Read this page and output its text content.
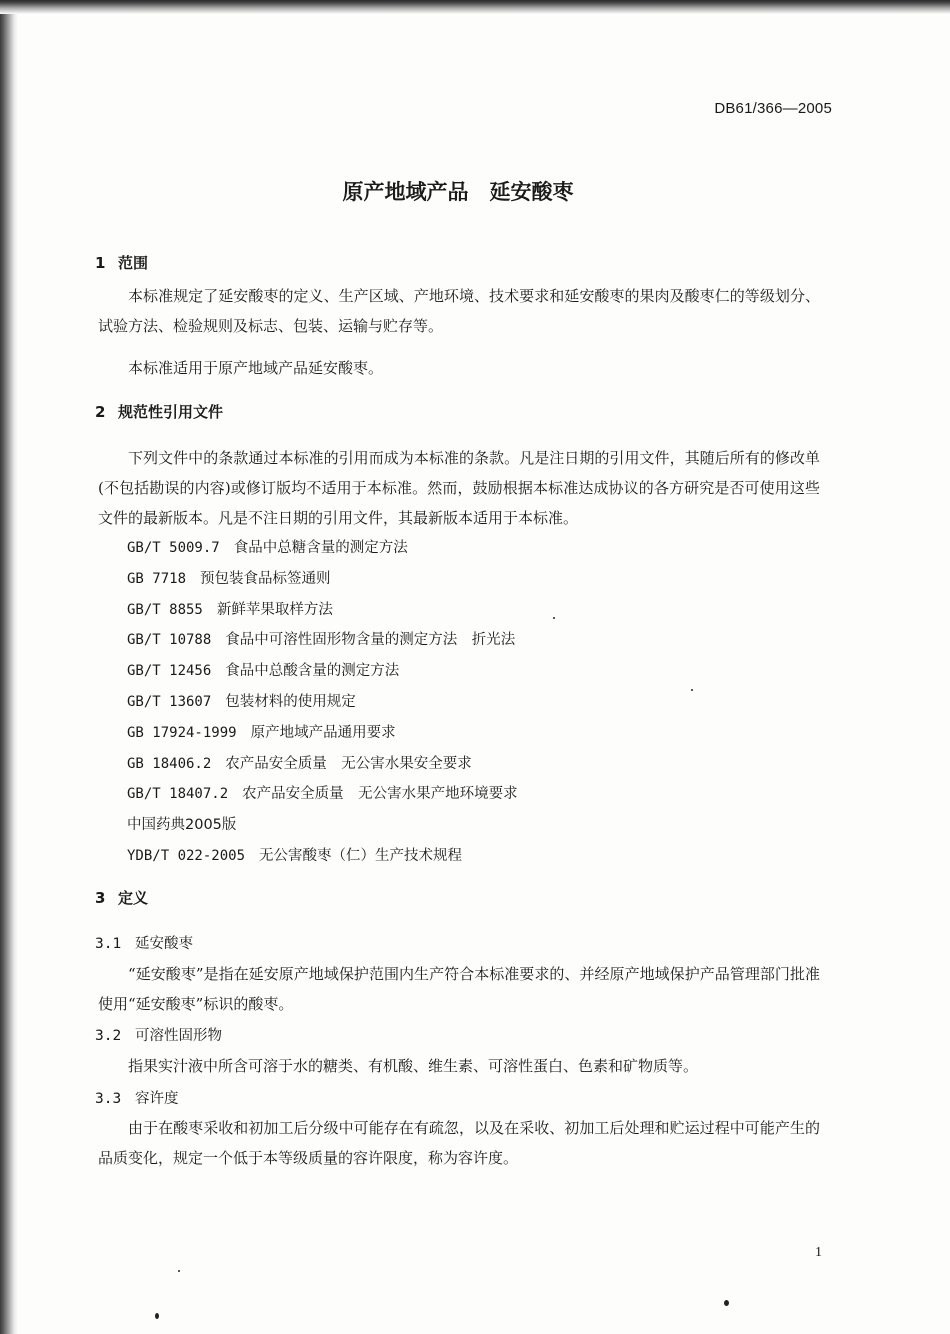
DB61/366—2005
原产地域产品　延安酸枣
1 范围

本标准规定了延安酸枣的定义、生产区域、产地环境、技术要求和延安酸枣的果肉及酸枣仁的等级划分、试验方法、检验规则及标志、包装、运输与贮存等。

本标准适用于原产地域产品延安酸枣。

2 规范性引用文件

下列文件中的条款通过本标准的引用而成为本标准的条款。凡是注日期的引用文件，其随后所有的修改单(不包括勘误的内容)或修订版均不适用于本标准。然而，鼓励根据本标准达成协议的各方研究是否可使用这些文件的最新版本。凡是不注日期的引用文件，其最新版本适用于本标准。

GB/T 5009.7 食品中总糖含量的测定方法
GB 7718 预包装食品标签通则
GB/T 8855 新鲜苹果取样方法
GB/T 10788 食品中可溶性固形物含量的测定方法　折光法
GB/T 12456 食品中总酸含量的测定方法
GB/T 13607 包装材料的使用规定
GB 17924-1999 原产地域产品通用要求
GB 18406.2 农产品安全质量　无公害水果安全要求
GB/T 18407.2 农产品安全质量　无公害水果产地环境要求
中国药典2005版
YDB/T 022-2005 无公害酸枣（仁）生产技术规程
3 定义
3.1 延安酸枣

“延安酸枣”是指在延安原产地域保护范围内生产符合本标准要求的、并经原产地域保护产品管理部门批准使用“延安酸枣”标识的酸枣。

3.2 可溶性固形物

指果实汁液中所含可溶于水的糖类、有机酸、维生素、可溶性蛋白、色素和矿物质等。

3.3 容许度

由于在酸枣采收和初加工后分级中可能存在有疏忽，以及在采收、初加工后处理和贮运过程中可能产生的品质变化，规定一个低于本等级质量的容许限度，称为容许度。

1
